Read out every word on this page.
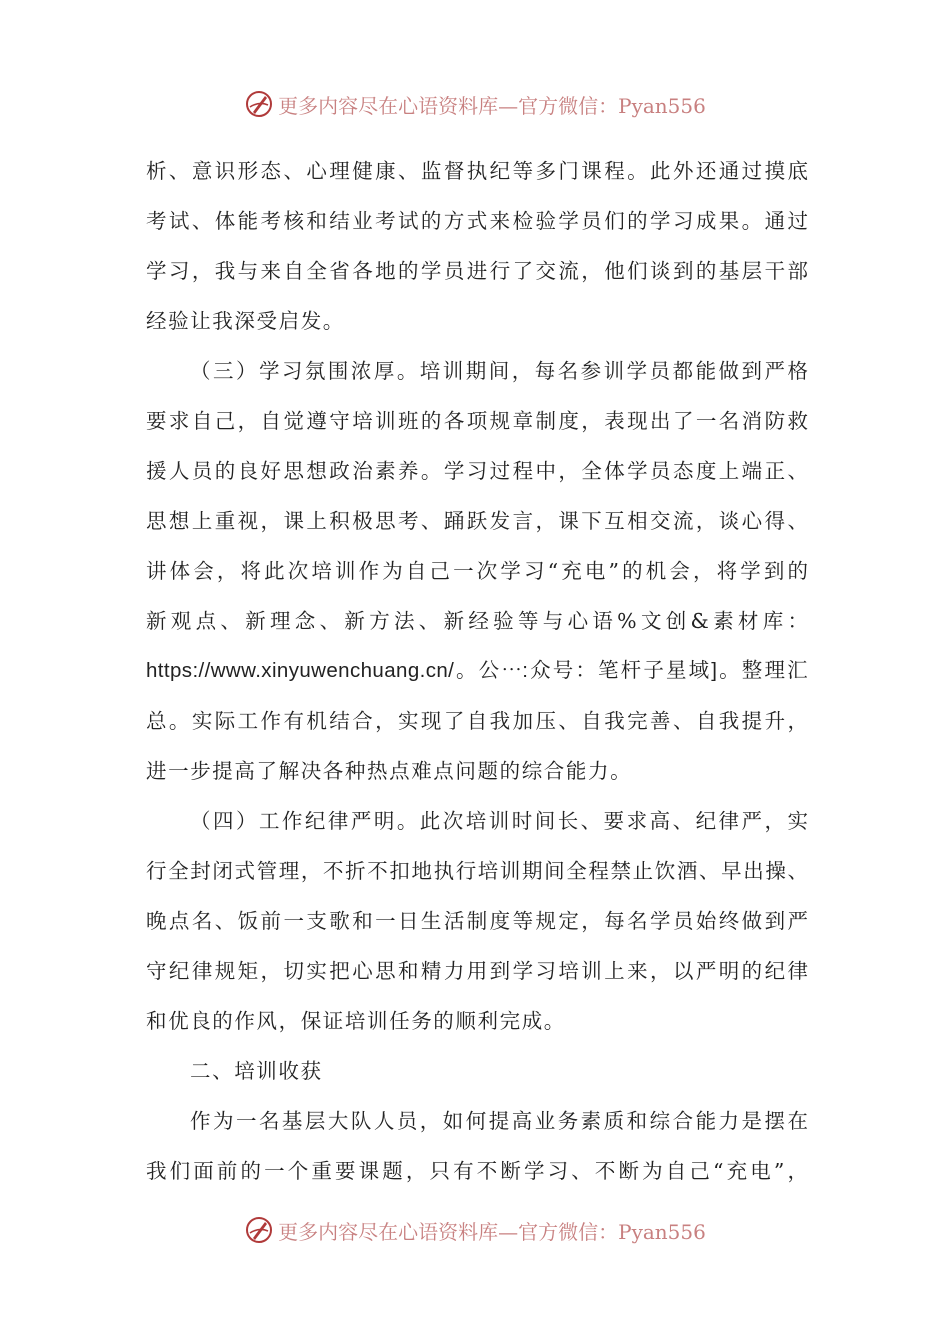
更多内容尽在心语资料库—官方微信：Pyan556
析、意识形态、心理健康、监督执纪等多门课程。此外还通过摸底
考试、体能考核和结业考试的方式来检验学员们的学习成果。通过
学习，我与来自全省各地的学员进行了交流，他们谈到的基层干部
经验让我深受启发。
（三）学习氛围浓厚。培训期间，每名参训学员都能做到严格
要求自己，自觉遵守培训班的各项规章制度，表现出了一名消防救
援人员的良好思想政治素养。学习过程中，全体学员态度上端正、
思想上重视，课上积极思考、踊跃发言，课下互相交流，谈心得、
讲体会，将此次培训作为自己一次学习“充电”的机会，将学到的
新观点、新理念、新方法、新经验等与心语%文创&素材库：
https://www.xinyuwenchuang.cn/。公⋯:众号：笔杆子星域]。整理汇
总。实际工作有机结合，实现了自我加压、自我完善、自我提升，
进一步提高了解决各种热点难点问题的综合能力。
（四）工作纪律严明。此次培训时间长、要求高、纪律严，实
行全封闭式管理，不折不扣地执行培训期间全程禁止饮酒、早出操、
晚点名、饭前一支歌和一日生活制度等规定，每名学员始终做到严
守纪律规矩，切实把心思和精力用到学习培训上来，以严明的纪律
和优良的作风，保证培训任务的顺利完成。
二、培训收获
作为一名基层大队人员，如何提高业务素质和综合能力是摆在
我们面前的一个重要课题，只有不断学习、不断为自己“充电”，
更多内容尽在心语资料库—官方微信：Pyan556
